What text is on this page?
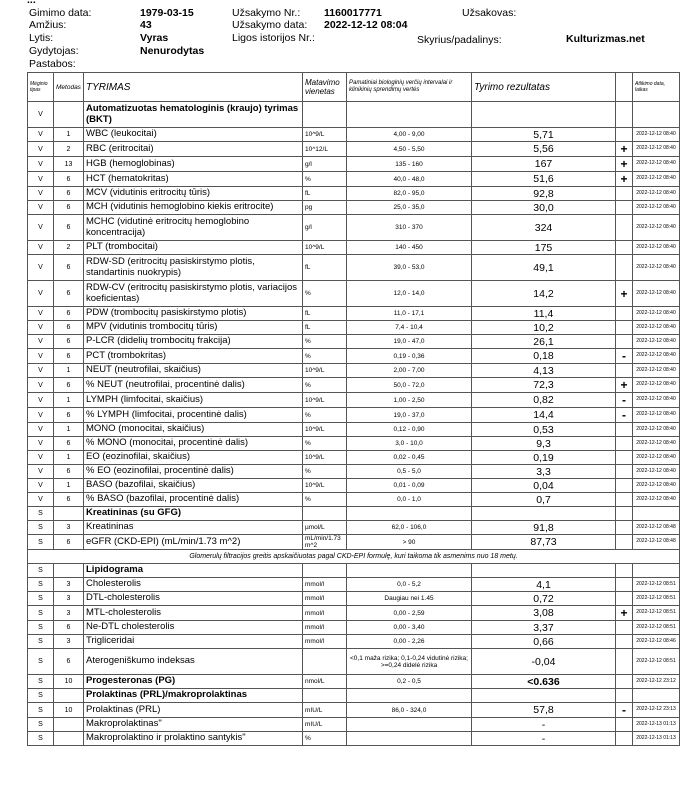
...
Gimimo data:	1979-03-15
Amžius:	43
Lytis:	Vyras
Gydytojas:	Nenurodytas
Pastabos:
Užsakymo Nr.: 1160017771
Užsakymo data: 2022-12-12 08:04
Ligos istorijos Nr.:
Užsakovas:
Skyrius/padalinys:	Kulturizmas.net
Mėginio tipas	Metodas	TYRIMAS	Matavimo vienetas	Pamatiniai biologinių verčių intervalai ir klinikinių sprendimų vertės	Tyrimo rezultatas		Atlikimo data, laikas
V		Automatizuotas hematologinis (kraujo) tyrimas (BKT)					
V	1	WBC (leukocitai)	10^9/L	4,00 - 9,00	5,71		2022-12-12 08:40
V	2	RBC (eritrocitai)	10^12/L	4,50 - 5,50	5,56	+	2022-12-12 08:40
V	13	HGB (hemoglobinas)	g/l	135 - 160	167	+	2022-12-12 08:40
V	6	HCT (hematokritas)	%	40,0 - 48,0	51,6	+	2022-12-12 08:40
V	6	MCV (vidutinis eritrocitų tūris)	fL	82,0 - 95,0	92,8		2022-12-12 08:40
V	6	MCH (vidutinis hemoglobino kiekis eritrocite)	pg	25,0 - 35,0	30,0		2022-12-12 08:40
V	6	MCHC (vidutinė eritrocitų hemoglobino koncentracija)	g/l	310 - 370	324		2022-12-12 08:40
V	2	PLT (trombocitai)	10^9/L	140 - 450	175		2022-12-12 08:40
V	6	RDW-SD (eritrocitų pasiskirstymo plotis, standartinis nuokrypis)	fL	39,0 - 53,0	49,1		2022-12-12 08:40
V	6	RDW-CV (eritrocitų pasiskirstymo plotis, variacijos koeficientas)	%	12,0 - 14,0	14,2	+	2022-12-12 08:40
V	6	PDW (trombocitų pasiskirstymo plotis)	fL	11,0 - 17,1	11,4		2022-12-12 08:40
V	6	MPV (vidutinis trombocitų tūris)	fL	7,4 - 10,4	10,2		2022-12-12 08:40
V	6	P-LCR (didelių trombocitų frakcija)	%	19,0 - 47,0	26,1		2022-12-12 08:40
V	6	PCT (trombokritas)	%	0,19 - 0,36	0,18	-	2022-12-12 08:40
V	1	NEUT (neutrofilai, skaičius)	10^9/L	2,00 - 7,00	4,13		2022-12-12 08:40
V	6	% NEUT (neutrofilai, procentinė dalis)	%	50,0 - 72,0	72,3	+	2022-12-12 08:40
V	1	LYMPH (limfocitai, skaičius)	10^9/L	1,00 - 2,50	0,82	-	2022-12-12 08:40
V	6	% LYMPH (limfocitai, procentinė dalis)	%	19,0 - 37,0	14,4	-	2022-12-12 08:40
V	1	MONO (monocitai, skaičius)	10^9/L	0,12 - 0,90	0,53		2022-12-12 08:40
V	6	% MONO (monocitai, procentinė dalis)	%	3,0 - 10,0	9,3		2022-12-12 08:40
V	1	EO (eozinofilai, skaičius)	10^9/L	0,02 - 0,45	0,19		2022-12-12 08:40
V	6	% EO (eozinofilai, procentinė dalis)	%	0,5 - 5,0	3,3		2022-12-12 08:40
V	1	BASO (bazofilai, skaičius)	10^9/L	0,01 - 0,09	0,04		2022-12-12 08:40
V	6	% BASO (bazofilai, procentinė dalis)	%	0,0 - 1,0	0,7		2022-12-12 08:40
S		Kreatininas (su GFG)					
S	3	Kreatininas	µmol/L	62,0 - 106,0	91,8		2022-12-12 08:48
S	6	eGFR (CKD-EPI) (mL/min/1.73 m^2)	mL/min/1.73 m^2	> 90	87,73		2022-12-12 08:48
Glomerulų filtracijos greitis apskaičiuotas pagal CKD-EPI formulę, kuri taikoma tik asmenims nuo 18 metų.							
S		Lipidograma					
S	3	Cholesterolis	mmol/l	0,0 - 5,2	4,1		2022-12-12 08:51
S	3	DTL-cholesterolis	mmol/l	Daugiau nei 1.45	0,72		2022-12-12 08:51
S	3	MTL-cholesterolis	mmol/l	0,00 - 2,59	3,08	+	2022-12-12 08:51
S	6	Ne-DTL cholesterolis	mmol/l	0,00 - 3,40	3,37		2022-12-12 08:51
S	3	Trigliceridai	mmol/l	0,00 - 2,26	0,66		2022-12-12 08:46
S	6	Aterogeniškumo indeksas		<0,1 maža rizika; 0,1-0,24 vidutinė rizika; >=0,24 didelė rizika	-0,04		2022-12-12 08:51
S	10	Progesteronas (PG)	nmol/L	0,2 - 0,5	<0.636		2022-12-12 23:12
S		Prolaktinas (PRL)/makroprolaktinas					
S	10	Prolaktinas (PRL)	mIU/L	86,0 - 324,0	57,8	-	2022-12-12 23:13
S		Makroprolaktinas"	mIU/L		-		2022-12-13 01:13
S		Makroprolaktino ir prolaktino santykis"	%		-		2022-12-13 01:13
